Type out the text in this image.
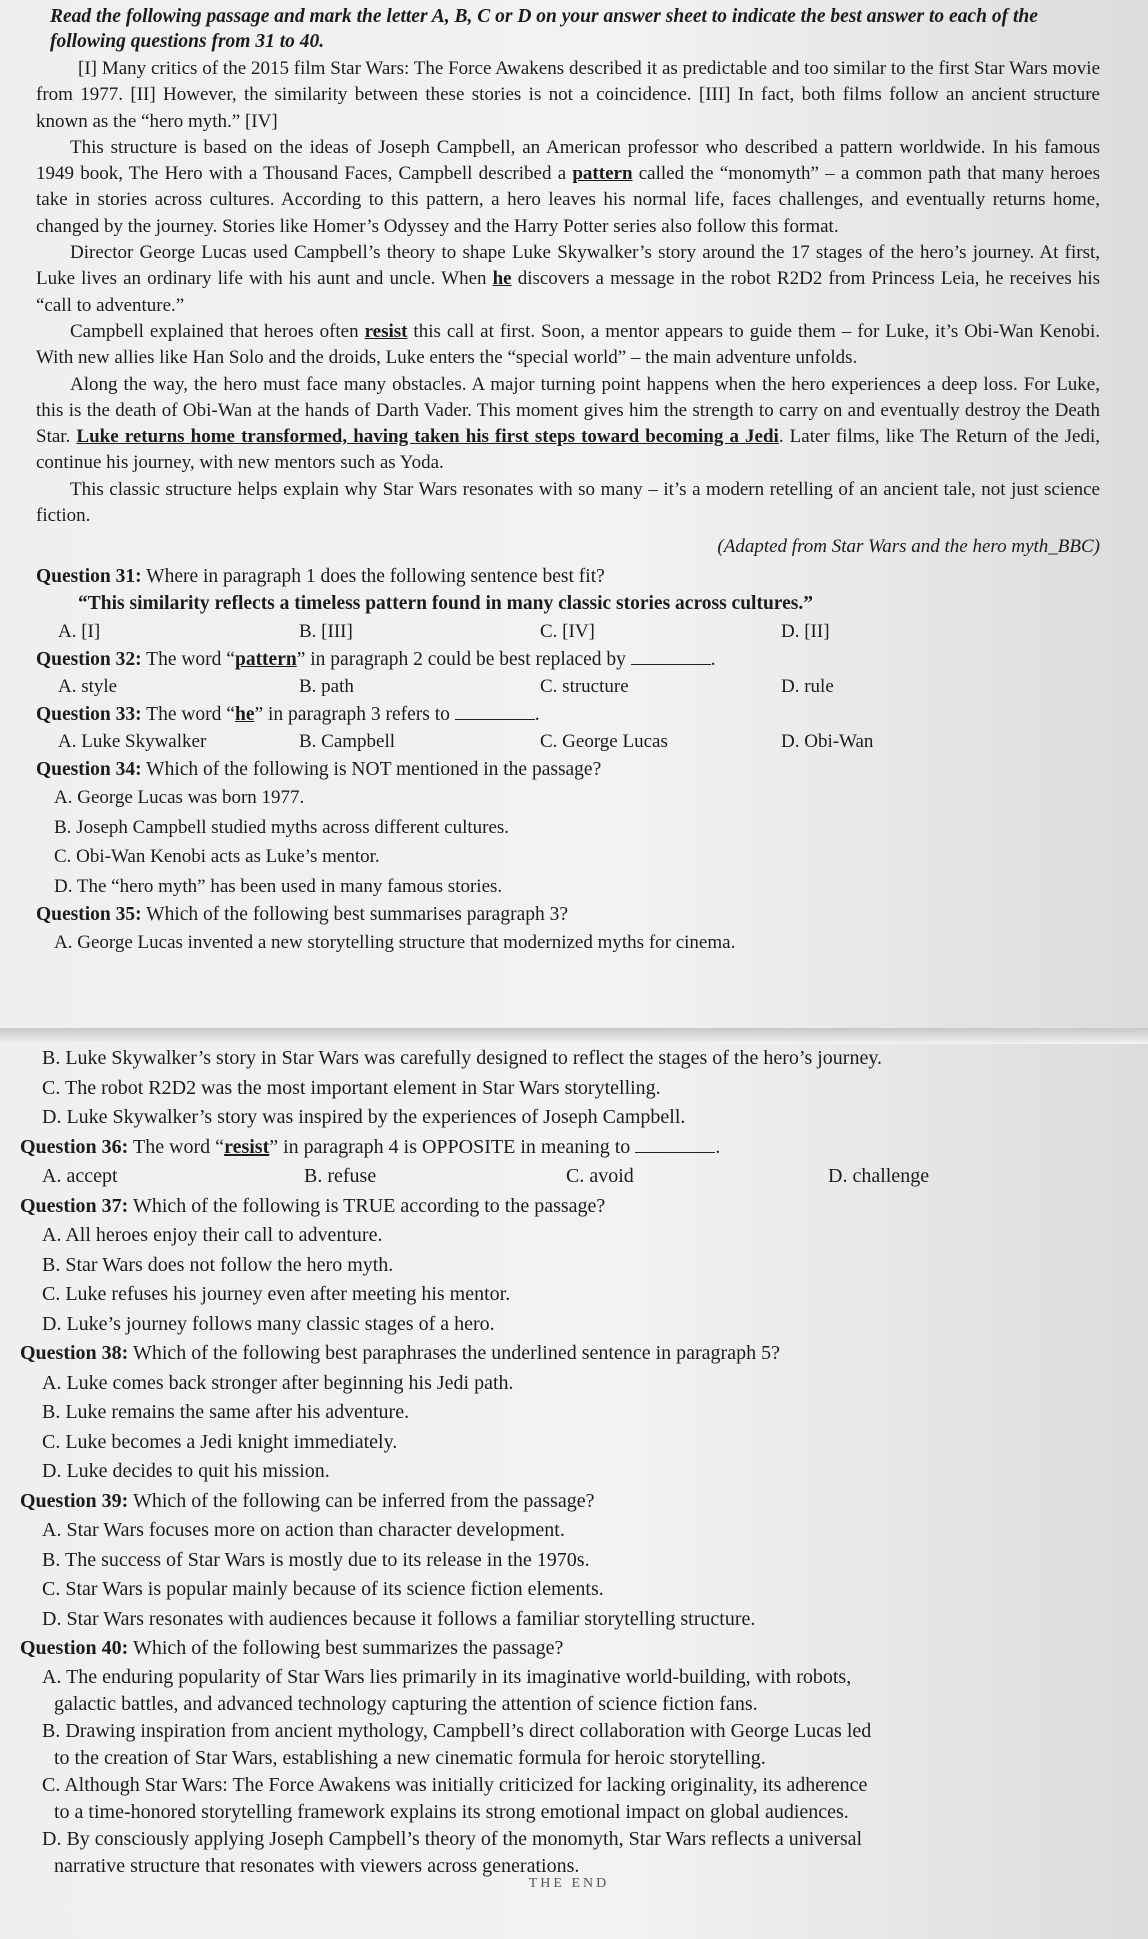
Read the following passage and mark the letter A, B, C or D on your answer sheet to indicate the best answer to each of the following questions from 31 to 40.

[I] Many critics of the 2015 film Star Wars: The Force Awakens described it as predictable and too similar to the first Star Wars movie from 1977. [II] However, the similarity between these stories is not a coincidence. [III] In fact, both films follow an ancient structure known as the “hero myth.” [IV]

This structure is based on the ideas of Joseph Campbell, an American professor who described a pattern worldwide. In his famous 1949 book, The Hero with a Thousand Faces, Campbell described a pattern called the “monomyth” – a common path that many heroes take in stories across cultures. According to this pattern, a hero leaves his normal life, faces challenges, and eventually returns home, changed by the journey. Stories like Homer’s Odyssey and the Harry Potter series also follow this format.

Director George Lucas used Campbell’s theory to shape Luke Skywalker’s story around the 17 stages of the hero’s journey. At first, Luke lives an ordinary life with his aunt and uncle. When he discovers a message in the robot R2D2 from Princess Leia, he receives his “call to adventure.”

Campbell explained that heroes often resist this call at first. Soon, a mentor appears to guide them – for Luke, it’s Obi-Wan Kenobi. With new allies like Han Solo and the droids, Luke enters the “special world” – the main adventure unfolds.

Along the way, the hero must face many obstacles. A major turning point happens when the hero experiences a deep loss. For Luke, this is the death of Obi-Wan at the hands of Darth Vader. This moment gives him the strength to carry on and eventually destroy the Death Star. Luke returns home transformed, having taken his first steps toward becoming a Jedi. Later films, like The Return of the Jedi, continue his journey, with new mentors such as Yoda.

This classic structure helps explain why Star Wars resonates with so many – it’s a modern retelling of an ancient tale, not just science fiction.

(Adapted from Star Wars and the hero myth_BBC)

Question 31: Where in paragraph 1 does the following sentence best fit?

“This similarity reflects a timeless pattern found in many classic stories across cultures.”

A. [I]	B. [III]	C. [IV]	D. [II]

Question 32: The word “pattern” in paragraph 2 could be best replaced by	.

A. style	B. path	C. structure	D. rule

Question 33: The word “he” in paragraph 3 refers to	.

A. Luke Skywalker	B. Campbell	C. George Lucas	D. Obi-Wan

Question 34: Which of the following is NOT mentioned in the passage?

A. George Lucas was born 1977.

B. Joseph Campbell studied myths across different cultures.

C. Obi-Wan Kenobi acts as Luke’s mentor.

D. The “hero myth” has been used in many famous stories.

Question 35: Which of the following best summarises paragraph 3?

A. George Lucas invented a new storytelling structure that modernized myths for cinema.

B. Luke Skywalker’s story in Star Wars was carefully designed to reflect the stages of the hero’s journey.

C. The robot R2D2 was the most important element in Star Wars storytelling.

D. Luke Skywalker’s story was inspired by the experiences of Joseph Campbell.

Question 36: The word “resist” in paragraph 4 is OPPOSITE in meaning to	.

A. accept	B. refuse	C. avoid	D. challenge

Question 37: Which of the following is TRUE according to the passage?

A. All heroes enjoy their call to adventure.

B. Star Wars does not follow the hero myth.

C. Luke refuses his journey even after meeting his mentor.

D. Luke’s journey follows many classic stages of a hero.

Question 38: Which of the following best paraphrases the underlined sentence in paragraph 5?

A. Luke comes back stronger after beginning his Jedi path.

B. Luke remains the same after his adventure.

C. Luke becomes a Jedi knight immediately.

D. Luke decides to quit his mission.

Question 39: Which of the following can be inferred from the passage?

A. Star Wars focuses more on action than character development.

B. The success of Star Wars is mostly due to its release in the 1970s.

C. Star Wars is popular mainly because of its science fiction elements.

D. Star Wars resonates with audiences because it follows a familiar storytelling structure.

Question 40: Which of the following best summarizes the passage?

A. The enduring popularity of Star Wars lies primarily in its imaginative world-building, with robots,
galactic battles, and advanced technology capturing the attention of science fiction fans.
B. Drawing inspiration from ancient mythology, Campbell’s direct collaboration with George Lucas led
to the creation of Star Wars, establishing a new cinematic formula for heroic storytelling.
C. Although Star Wars: The Force Awakens was initially criticized for lacking originality, its adherence
to a time-honored storytelling framework explains its strong emotional impact on global audiences.
D. By consciously applying Joseph Campbell’s theory of the monomyth, Star Wars reflects a universal
narrative structure that resonates with viewers across generations.
THE END
